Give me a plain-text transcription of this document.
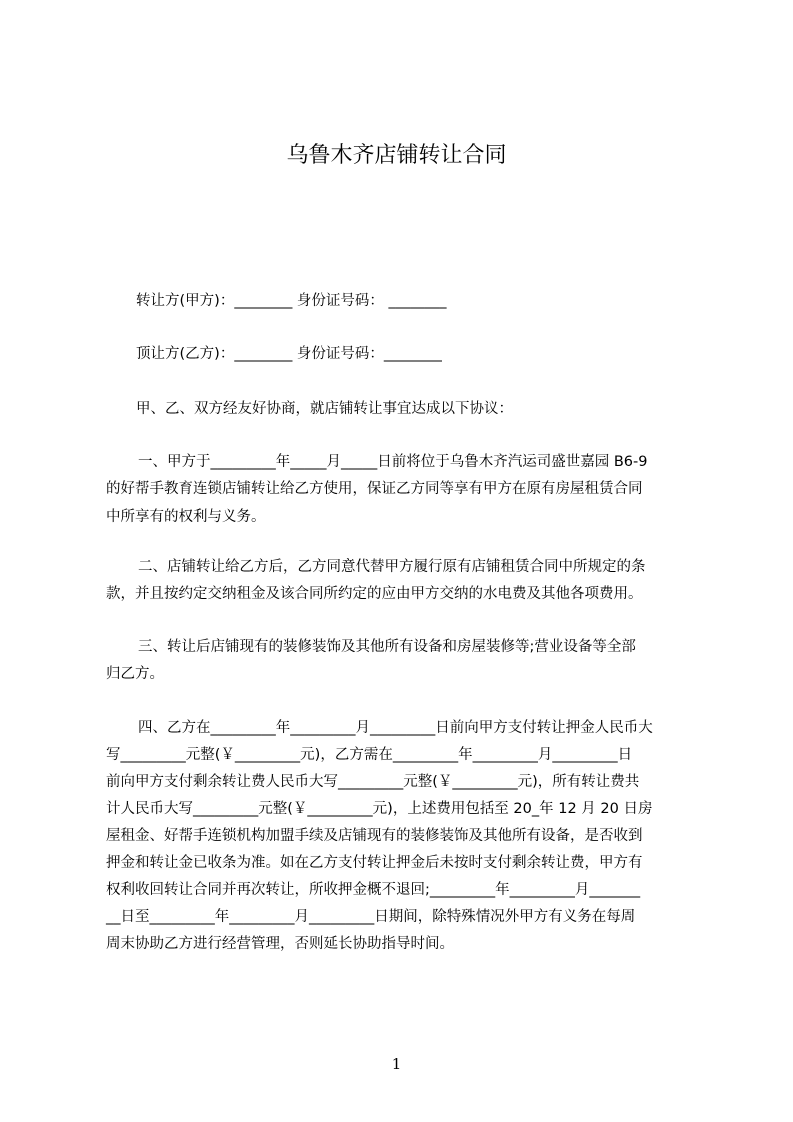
乌鲁木齐店铺转让合同
转让方(甲方)：________ 身份证号码： ________
顶让方(乙方)：________ 身份证号码：________
甲、乙、双方经友好协商，就店铺转让事宜达成以下协议：
一、甲方于_________年_____月_____日前将位于乌鲁木齐汽运司盛世嘉园 B6-9
的好帮手教育连锁店铺转让给乙方使用，保证乙方同等享有甲方在原有房屋租赁合同
中所享有的权利与义务。
二、店铺转让给乙方后，乙方同意代替甲方履行原有店铺租赁合同中所规定的条
款，并且按约定交纳租金及该合同所约定的应由甲方交纳的水电费及其他各项费用。
三、转让后店铺现有的装修装饰及其他所有设备和房屋装修等;营业设备等全部
归乙方。
四、乙方在_________年_________月_________日前向甲方支付转让押金人民币大
写_________元整(￥_________元)，乙方需在_________年_________月_________日
前向甲方支付剩余转让费人民币大写_________元整(￥_________元)，所有转让费共
计人民币大写_________元整(￥_________元)，上述费用包括至 20_年 12 月 20 日房
屋租金、好帮手连锁机构加盟手续及店铺现有的装修装饰及其他所有设备，是否收到
押金和转让金已收条为准。如在乙方支付转让押金后未按时支付剩余转让费，甲方有
权利收回转让合同并再次转让，所收押金概不退回;_________年_________月_______
__日至_________年_________月_________日期间，除特殊情况外甲方有义务在每周
周末协助乙方进行经营管理，否则延长协助指导时间。
1
